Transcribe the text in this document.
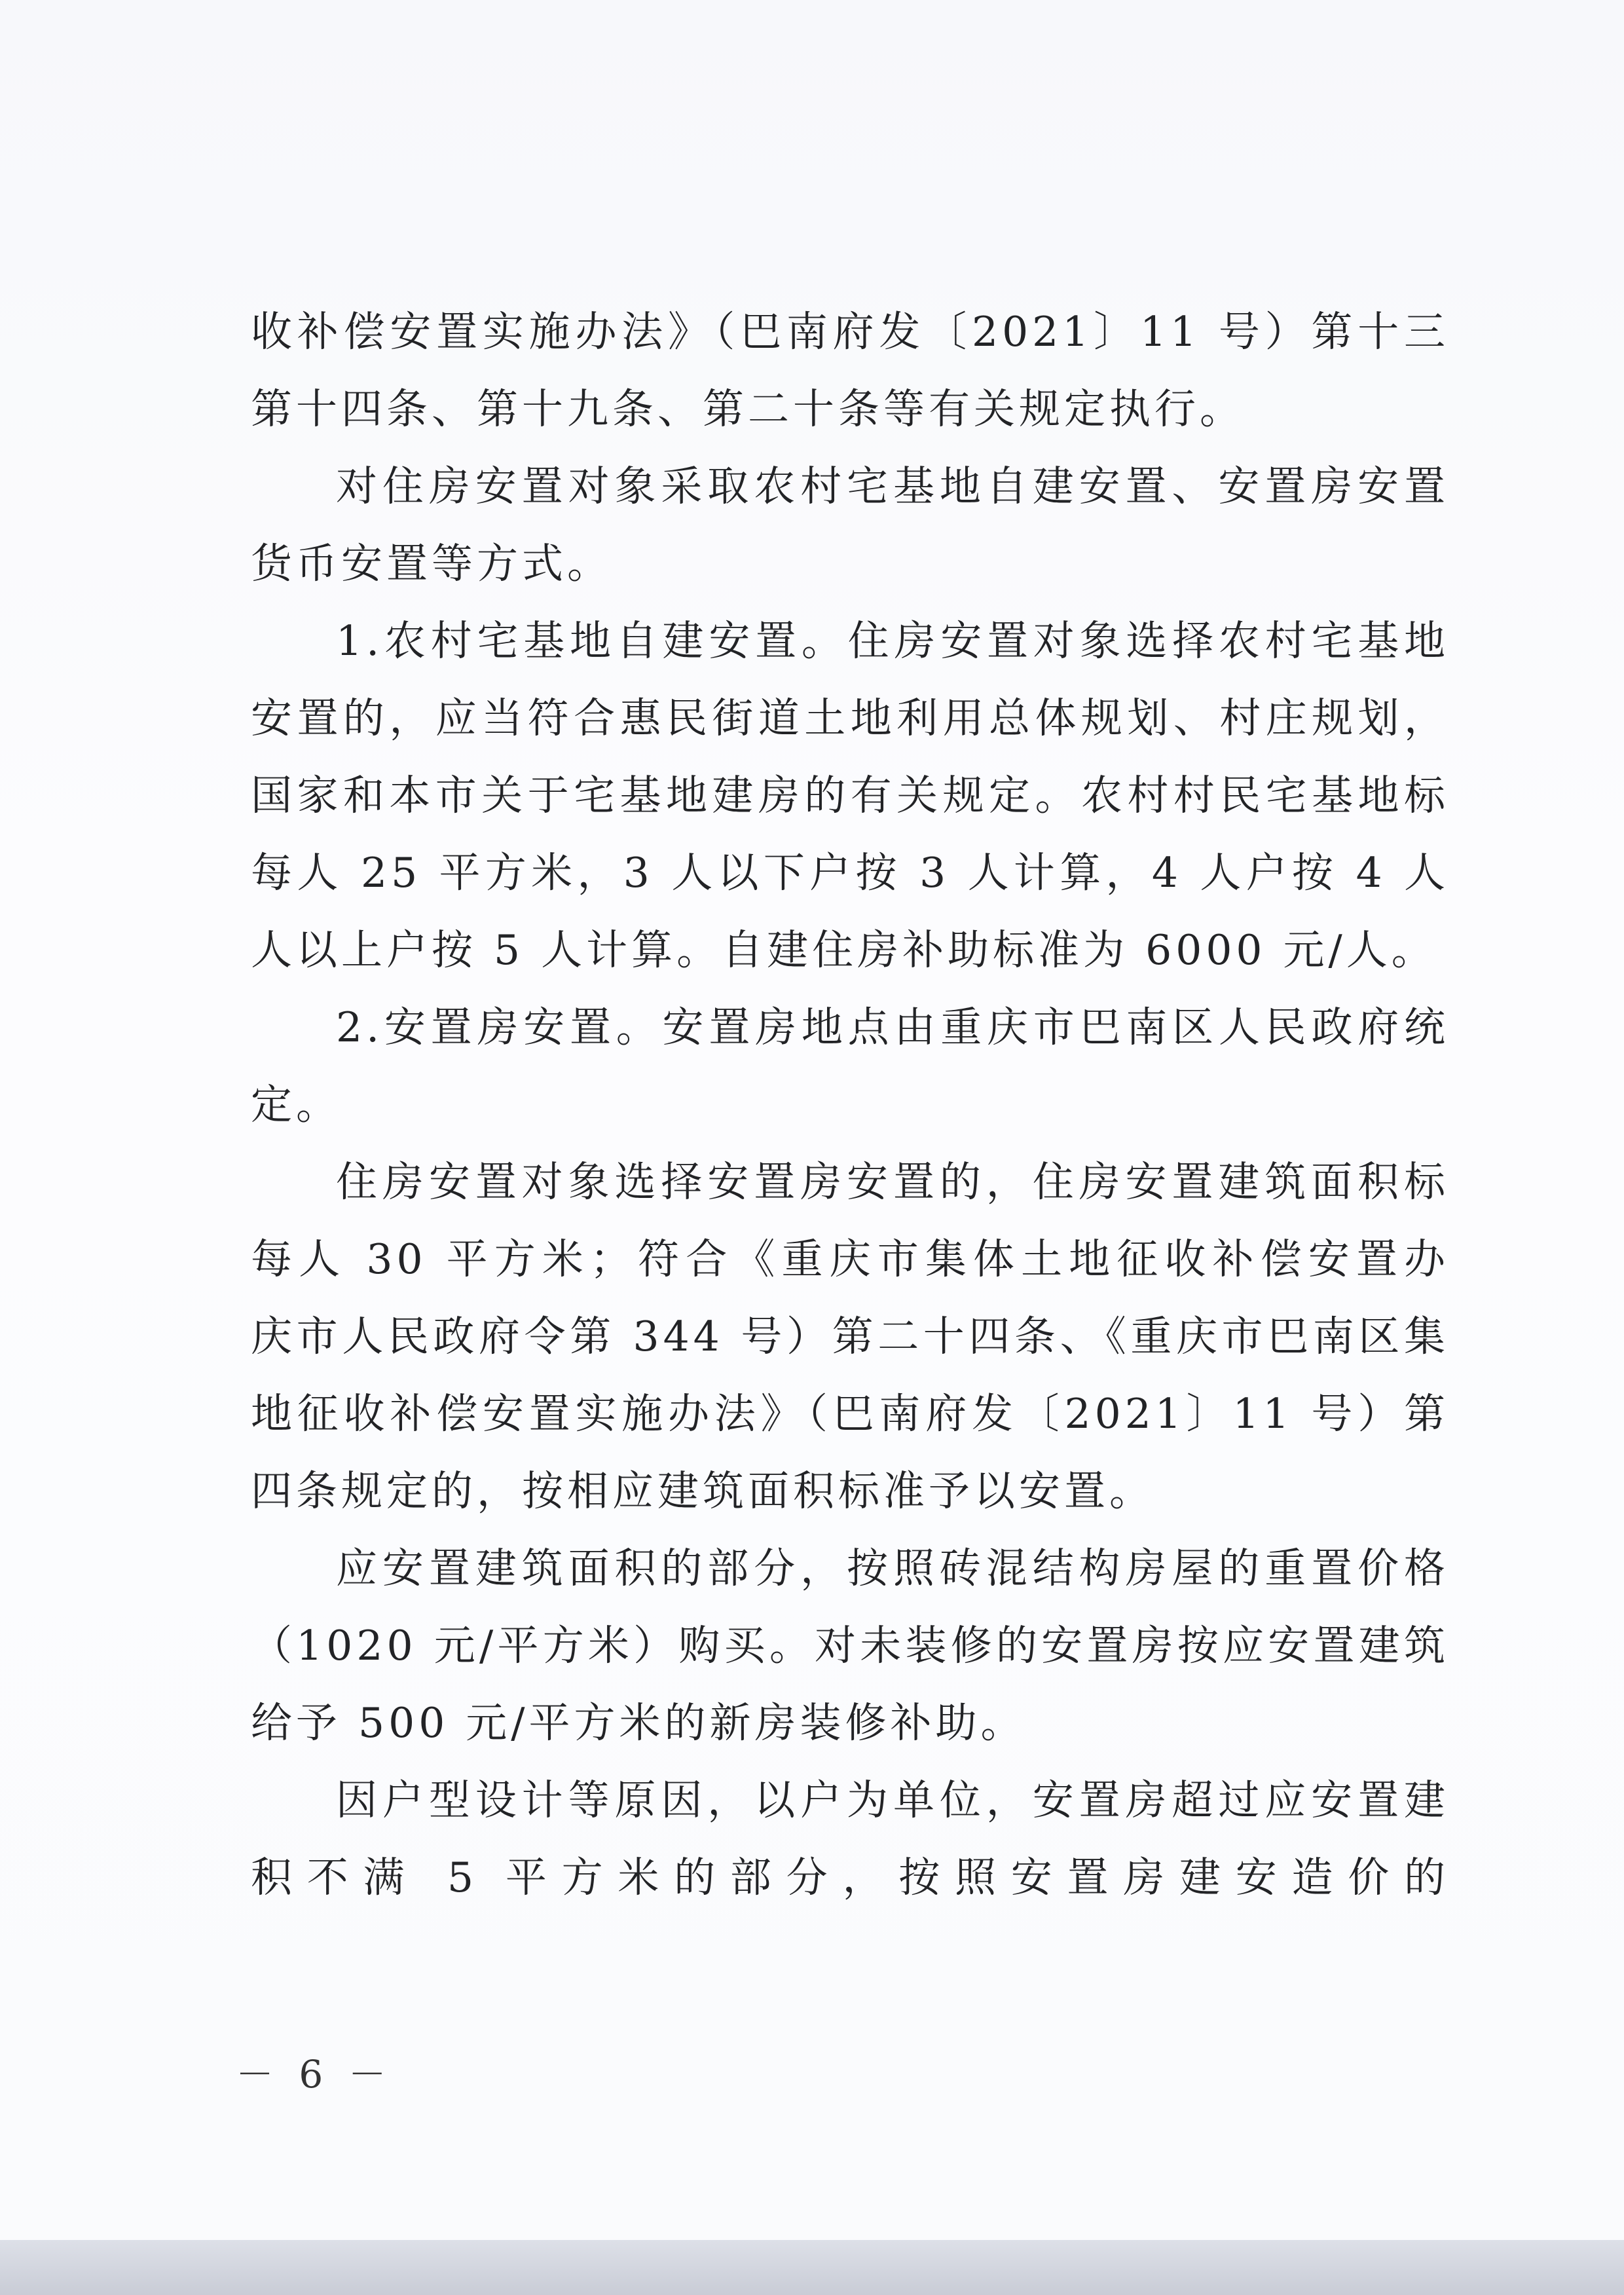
收补偿安置实施办法》（巴南府发〔2021〕11 号）第十三
第十四条、第十九条、第二十条等有关规定执行。
对住房安置对象采取农村宅基地自建安置、安置房安置
货币安置等方式。
1.农村宅基地自建安置。住房安置对象选择农村宅基地
安置的，应当符合惠民街道土地利用总体规划、村庄规划，
国家和本市关于宅基地建房的有关规定。农村村民宅基地标
每人 25 平方米，3 人以下户按 3 人计算，4 人户按 4 人
人以上户按 5 人计算。自建住房补助标准为 6000 元/人。
2.安置房安置。安置房地点由重庆市巴南区人民政府统
定。
住房安置对象选择安置房安置的，住房安置建筑面积标
每人 30 平方米；符合《重庆市集体土地征收补偿安置办
庆市人民政府令第 344 号）第二十四条、《重庆市巴南区集
地征收补偿安置实施办法》（巴南府发〔2021〕11 号）第
四条规定的，按相应建筑面积标准予以安置。
应安置建筑面积的部分，按照砖混结构房屋的重置价格
（1020 元/平方米）购买。对未装修的安置房按应安置建筑
给予 500 元/平方米的新房装修补助。
因户型设计等原因，以户为单位，安置房超过应安置建
积不满 5 平方米的部分，按照安置房建安造价的
－ 6 －
